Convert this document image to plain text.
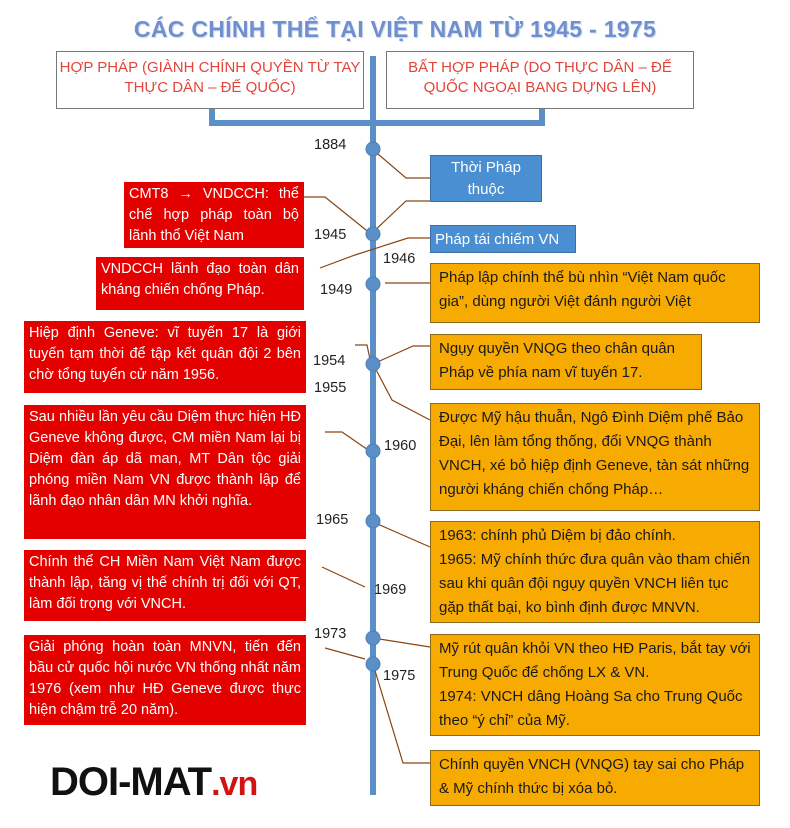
CÁC CHÍNH THỂ TẠI VIỆT NAM TỪ 1945 - 1975
HỢP PHÁP (GIÀNH CHÍNH QUYỀN TỪ TAY THỰC DÂN – ĐẾ QUỐC)
BẤT HỢP PHÁP (DO THỰC DÂN – ĐẾ QUỐC NGOẠI BANG DỰNG LÊN)
1884
1945
1946
1949
1954
1955
1960
1965
1969
1973
1975
Thời Pháp thuộc
Pháp tái chiếm VN
CMT8 → VNDCCH: thể chế hợp pháp toàn bộ lãnh thổ Việt Nam
VNDCCH lãnh đạo toàn dân kháng chiến chống Pháp.
Hiệp định Geneve: vĩ tuyến 17 là giới tuyến tạm thời để tập kết quân đội 2 bên chờ tổng tuyển cử năm 1956.
Sau nhiều lần yêu cầu Diệm thực hiện HĐ Geneve không được, CM miền Nam lại bị Diệm đàn áp dã man, MT Dân tộc giải phóng miền Nam VN được thành lập để lãnh đạo nhân dân MN khởi nghĩa.
Chính thể CH Miền Nam Việt Nam được thành lập, tăng vị thế chính trị đối với QT, làm đối trọng với VNCH.
Giải phóng hoàn toàn MNVN, tiến đến bầu cử quốc hội nước VN thống nhất năm 1976 (xem như HĐ Geneve được thực hiện chậm trễ 20 năm).
Pháp lập chính thể bù nhìn “Việt Nam quốc gia”, dùng người Việt đánh người Việt
Ngụy quyền VNQG theo chân quân Pháp về phía nam vĩ tuyến 17.
Được Mỹ hậu thuẫn, Ngô Đình Diệm phế Bảo Đại, lên làm tổng thống, đổi VNQG thành VNCH, xé bỏ hiệp định Geneve, tàn sát những người kháng chiến chống Pháp…
1963: chính phủ Diệm bị đảo chính.
1965: Mỹ chính thức đưa quân vào tham chiến sau khi quân đội ngụy quyền VNCH liên tục gặp thất bại, ko bình định được MNVN.
Mỹ rút quân khỏi VN theo HĐ Paris, bắt tay với Trung Quốc để chống LX & VN.
1974: VNCH dâng Hoàng Sa cho Trung Quốc theo “ý chỉ” của Mỹ.
Chính quyền VNCH (VNQG) tay sai cho Pháp & Mỹ chính thức bị xóa bỏ.
DOI-MAT.vn
